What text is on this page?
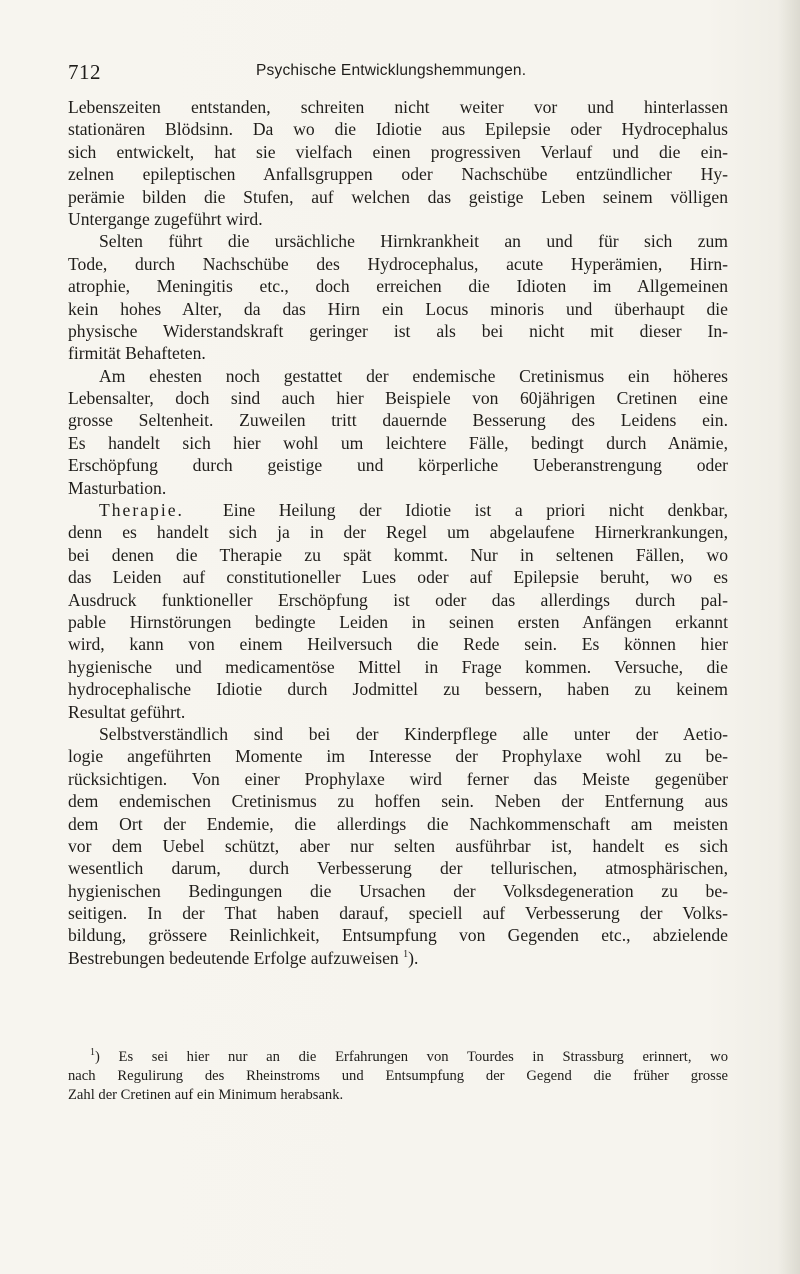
712	Psychische Entwicklungshemmungen.
Lebenszeiten entstanden, schreiten nicht weiter vor und hinterlassen
stationären Blödsinn. Da wo die Idiotie aus Epilepsie oder Hydrocephalus
sich entwickelt, hat sie vielfach einen progressiven Verlauf und die ein-
zelnen epileptischen Anfallsgruppen oder Nachschübe entzündlicher Hy-
perämie bilden die Stufen, auf welchen das geistige Leben seinem völligen
Untergange zugeführt wird.
Selten führt die ursächliche Hirnkrankheit an und für sich zum
Tode, durch Nachschübe des Hydrocephalus, acute Hyperämien, Hirn-
atrophie, Meningitis etc., doch erreichen die Idioten im Allgemeinen
kein hohes Alter, da das Hirn ein Locus minoris und überhaupt die
physische Widerstandskraft geringer ist als bei nicht mit dieser In-
firmität Behafteten.
Am ehesten noch gestattet der endemische Cretinismus ein höheres
Lebensalter, doch sind auch hier Beispiele von 60jährigen Cretinen eine
grosse Seltenheit. Zuweilen tritt dauernde Besserung des Leidens ein.
Es handelt sich hier wohl um leichtere Fälle, bedingt durch Anämie,
Erschöpfung durch geistige und körperliche Ueberanstrengung oder
Masturbation.
Therapie. Eine Heilung der Idiotie ist a priori nicht denkbar,
denn es handelt sich ja in der Regel um abgelaufene Hirnerkrankungen,
bei denen die Therapie zu spät kommt. Nur in seltenen Fällen, wo
das Leiden auf constitutioneller Lues oder auf Epilepsie beruht, wo es
Ausdruck funktioneller Erschöpfung ist oder das allerdings durch pal-
pable Hirnstörungen bedingte Leiden in seinen ersten Anfängen erkannt
wird, kann von einem Heilversuch die Rede sein. Es können hier
hygienische und medicamentöse Mittel in Frage kommen. Versuche, die
hydrocephalische Idiotie durch Jodmittel zu bessern, haben zu keinem
Resultat geführt.
Selbstverständlich sind bei der Kinderpflege alle unter der Aetio-
logie angeführten Momente im Interesse der Prophylaxe wohl zu be-
rücksichtigen. Von einer Prophylaxe wird ferner das Meiste gegenüber
dem endemischen Cretinismus zu hoffen sein. Neben der Entfernung aus
dem Ort der Endemie, die allerdings die Nachkommenschaft am meisten
vor dem Uebel schützt, aber nur selten ausführbar ist, handelt es sich
wesentlich darum, durch Verbesserung der tellurischen, atmosphärischen,
hygienischen Bedingungen die Ursachen der Volksdegeneration zu be-
seitigen. In der That haben darauf, speciell auf Verbesserung der Volks-
bildung, grössere Reinlichkeit, Entsumpfung von Gegenden etc., abzielende
Bestrebungen bedeutende Erfolge aufzuweisen $^1$).
$^1$) Es sei hier nur an die Erfahrungen von Tourdes in Strassburg erinnert, wo
nach Regulirung des Rheinstroms und Entsumpfung der Gegend die früher grosse
Zahl der Cretinen auf ein Minimum herabsank.
